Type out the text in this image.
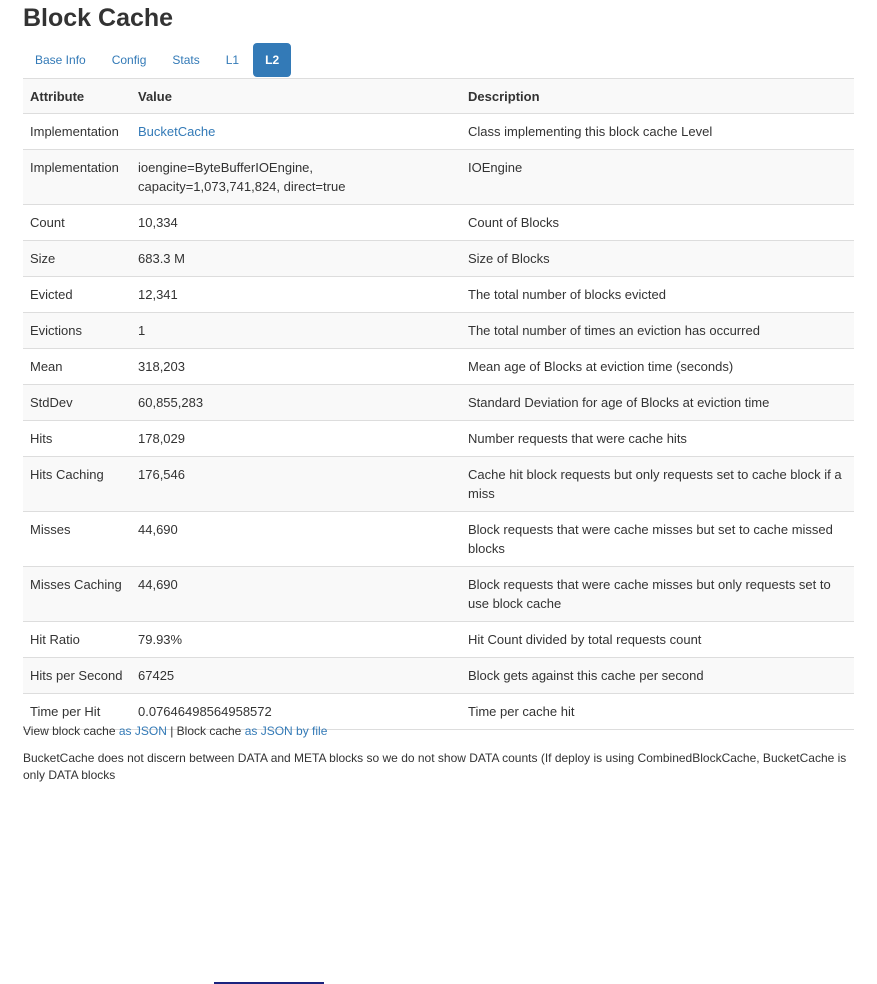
Block Cache
Base Info	Config	Stats	L1	L2
Attribute	Value	Description
Implementation	BucketCache	Class implementing this block cache Level
Implementation	ioengine=ByteBufferIOEngine, capacity=1,073,741,824, direct=true	IOEngine
Count	10,334	Count of Blocks
Size	683.3 M	Size of Blocks
Evicted	12,341	The total number of blocks evicted
Evictions	1	The total number of times an eviction has occurred
Mean	318,203	Mean age of Blocks at eviction time (seconds)
StdDev	60,855,283	Standard Deviation for age of Blocks at eviction time
Hits	178,029	Number requests that were cache hits
Hits Caching	176,546	Cache hit block requests but only requests set to cache block if a miss
Misses	44,690	Block requests that were cache misses but set to cache missed blocks
Misses Caching	44,690	Block requests that were cache misses but only requests set to use block cache
Hit Ratio	79.93%	Hit Count divided by total requests count
Hits per Second	67425	Block gets against this cache per second
Time per Hit	0.07646498564958572	Time per cache hit
View block cache as JSON | Block cache as JSON by file
BucketCache does not discern between DATA and META blocks so we do not show DATA counts (If deploy is using CombinedBlockCache, BucketCache is only DATA blocks
